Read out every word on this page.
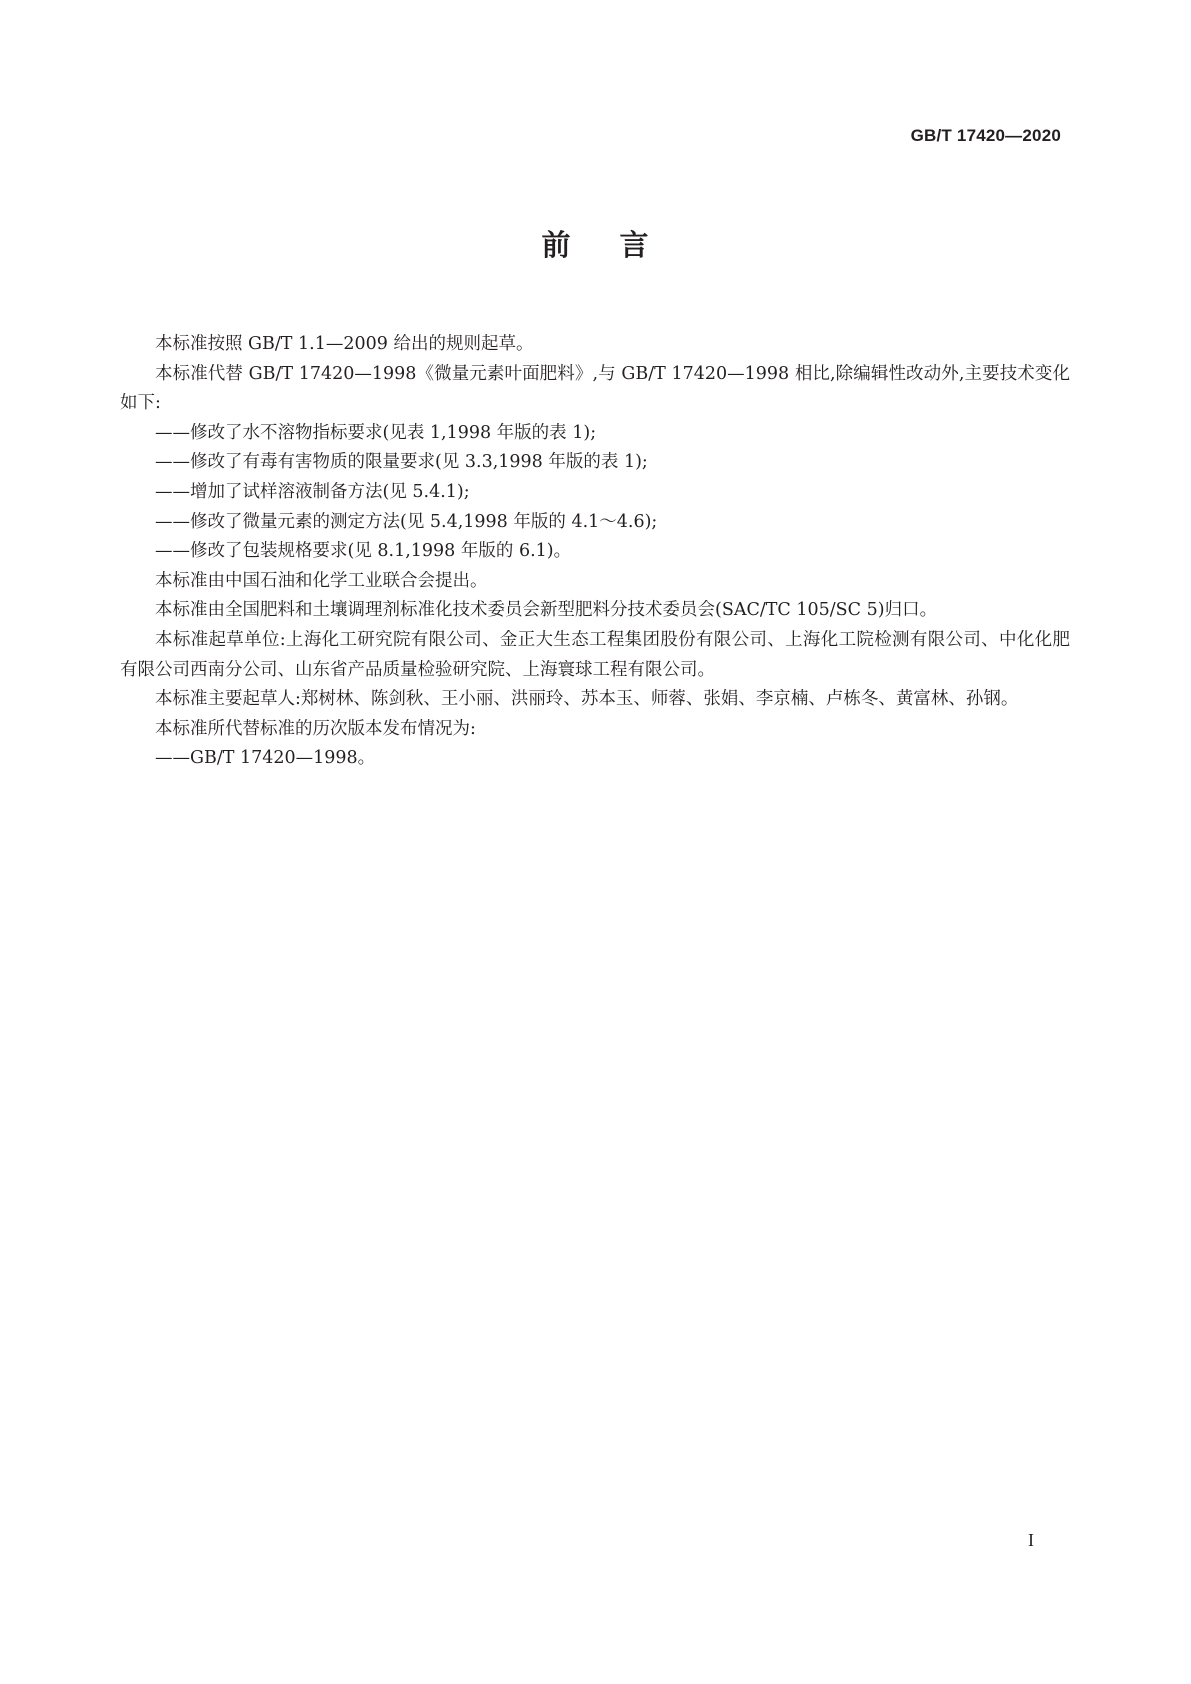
GB/T 17420—2020
前 言

本标准按照 GB/T 1.1—2009 给出的规则起草。

本标准代替 GB/T 17420—1998《微量元素叶面肥料》,与 GB/T 17420—1998 相比,除编辑性改动外,主要技术变化如下:

——修改了水不溶物指标要求(见表 1,1998 年版的表 1);

——修改了有毒有害物质的限量要求(见 3.3,1998 年版的表 1);

——增加了试样溶液制备方法(见 5.4.1);

——修改了微量元素的测定方法(见 5.4,1998 年版的 4.1～4.6);

——修改了包装规格要求(见 8.1,1998 年版的 6.1)。

本标准由中国石油和化学工业联合会提出。

本标准由全国肥料和土壤调理剂标准化技术委员会新型肥料分技术委员会(SAC/TC 105/SC 5)归口。

本标准起草单位:上海化工研究院有限公司、金正大生态工程集团股份有限公司、上海化工院检测有限公司、中化化肥有限公司西南分公司、山东省产品质量检验研究院、上海寰球工程有限公司。

本标准主要起草人:郑树林、陈剑秋、王小丽、洪丽玲、苏本玉、师蓉、张娟、李京楠、卢栋冬、黄富林、孙钢。

本标准所代替标准的历次版本发布情况为:

——GB/T 17420—1998。

I
